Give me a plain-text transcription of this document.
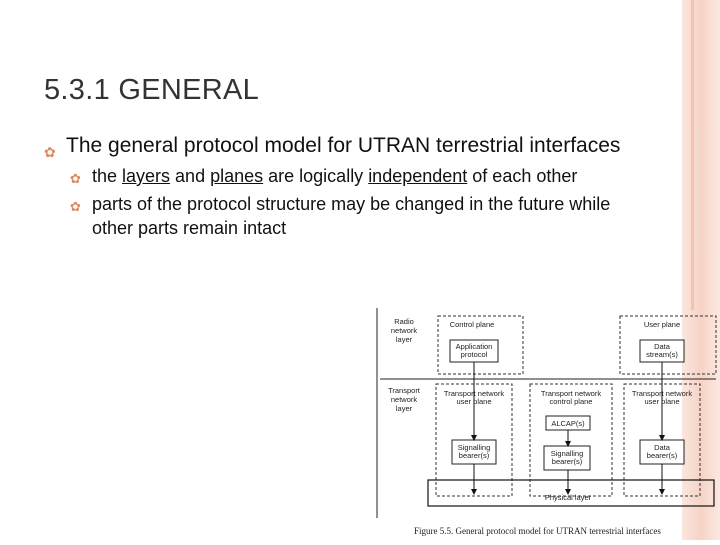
5.3.1 GENERAL
✿ The general protocol model for UTRAN terrestrial interfaces
✿ the layers and planes are logically independent of each other
✿ parts of the protocol structure may be changed in the future while other parts remain intact
Radio network layer
Transport network layer
Control plane
Application protocol
User plane
Data stream(s)
Transport network user plane
Transport network control plane
Transport network user plane
ALCAP(s)
Signalling bearer(s)	Signalling bearer(s)
Data bearer(s)
Physical layer

Figure 5.5. General protocol model for UTRAN terrestrial interfaces
